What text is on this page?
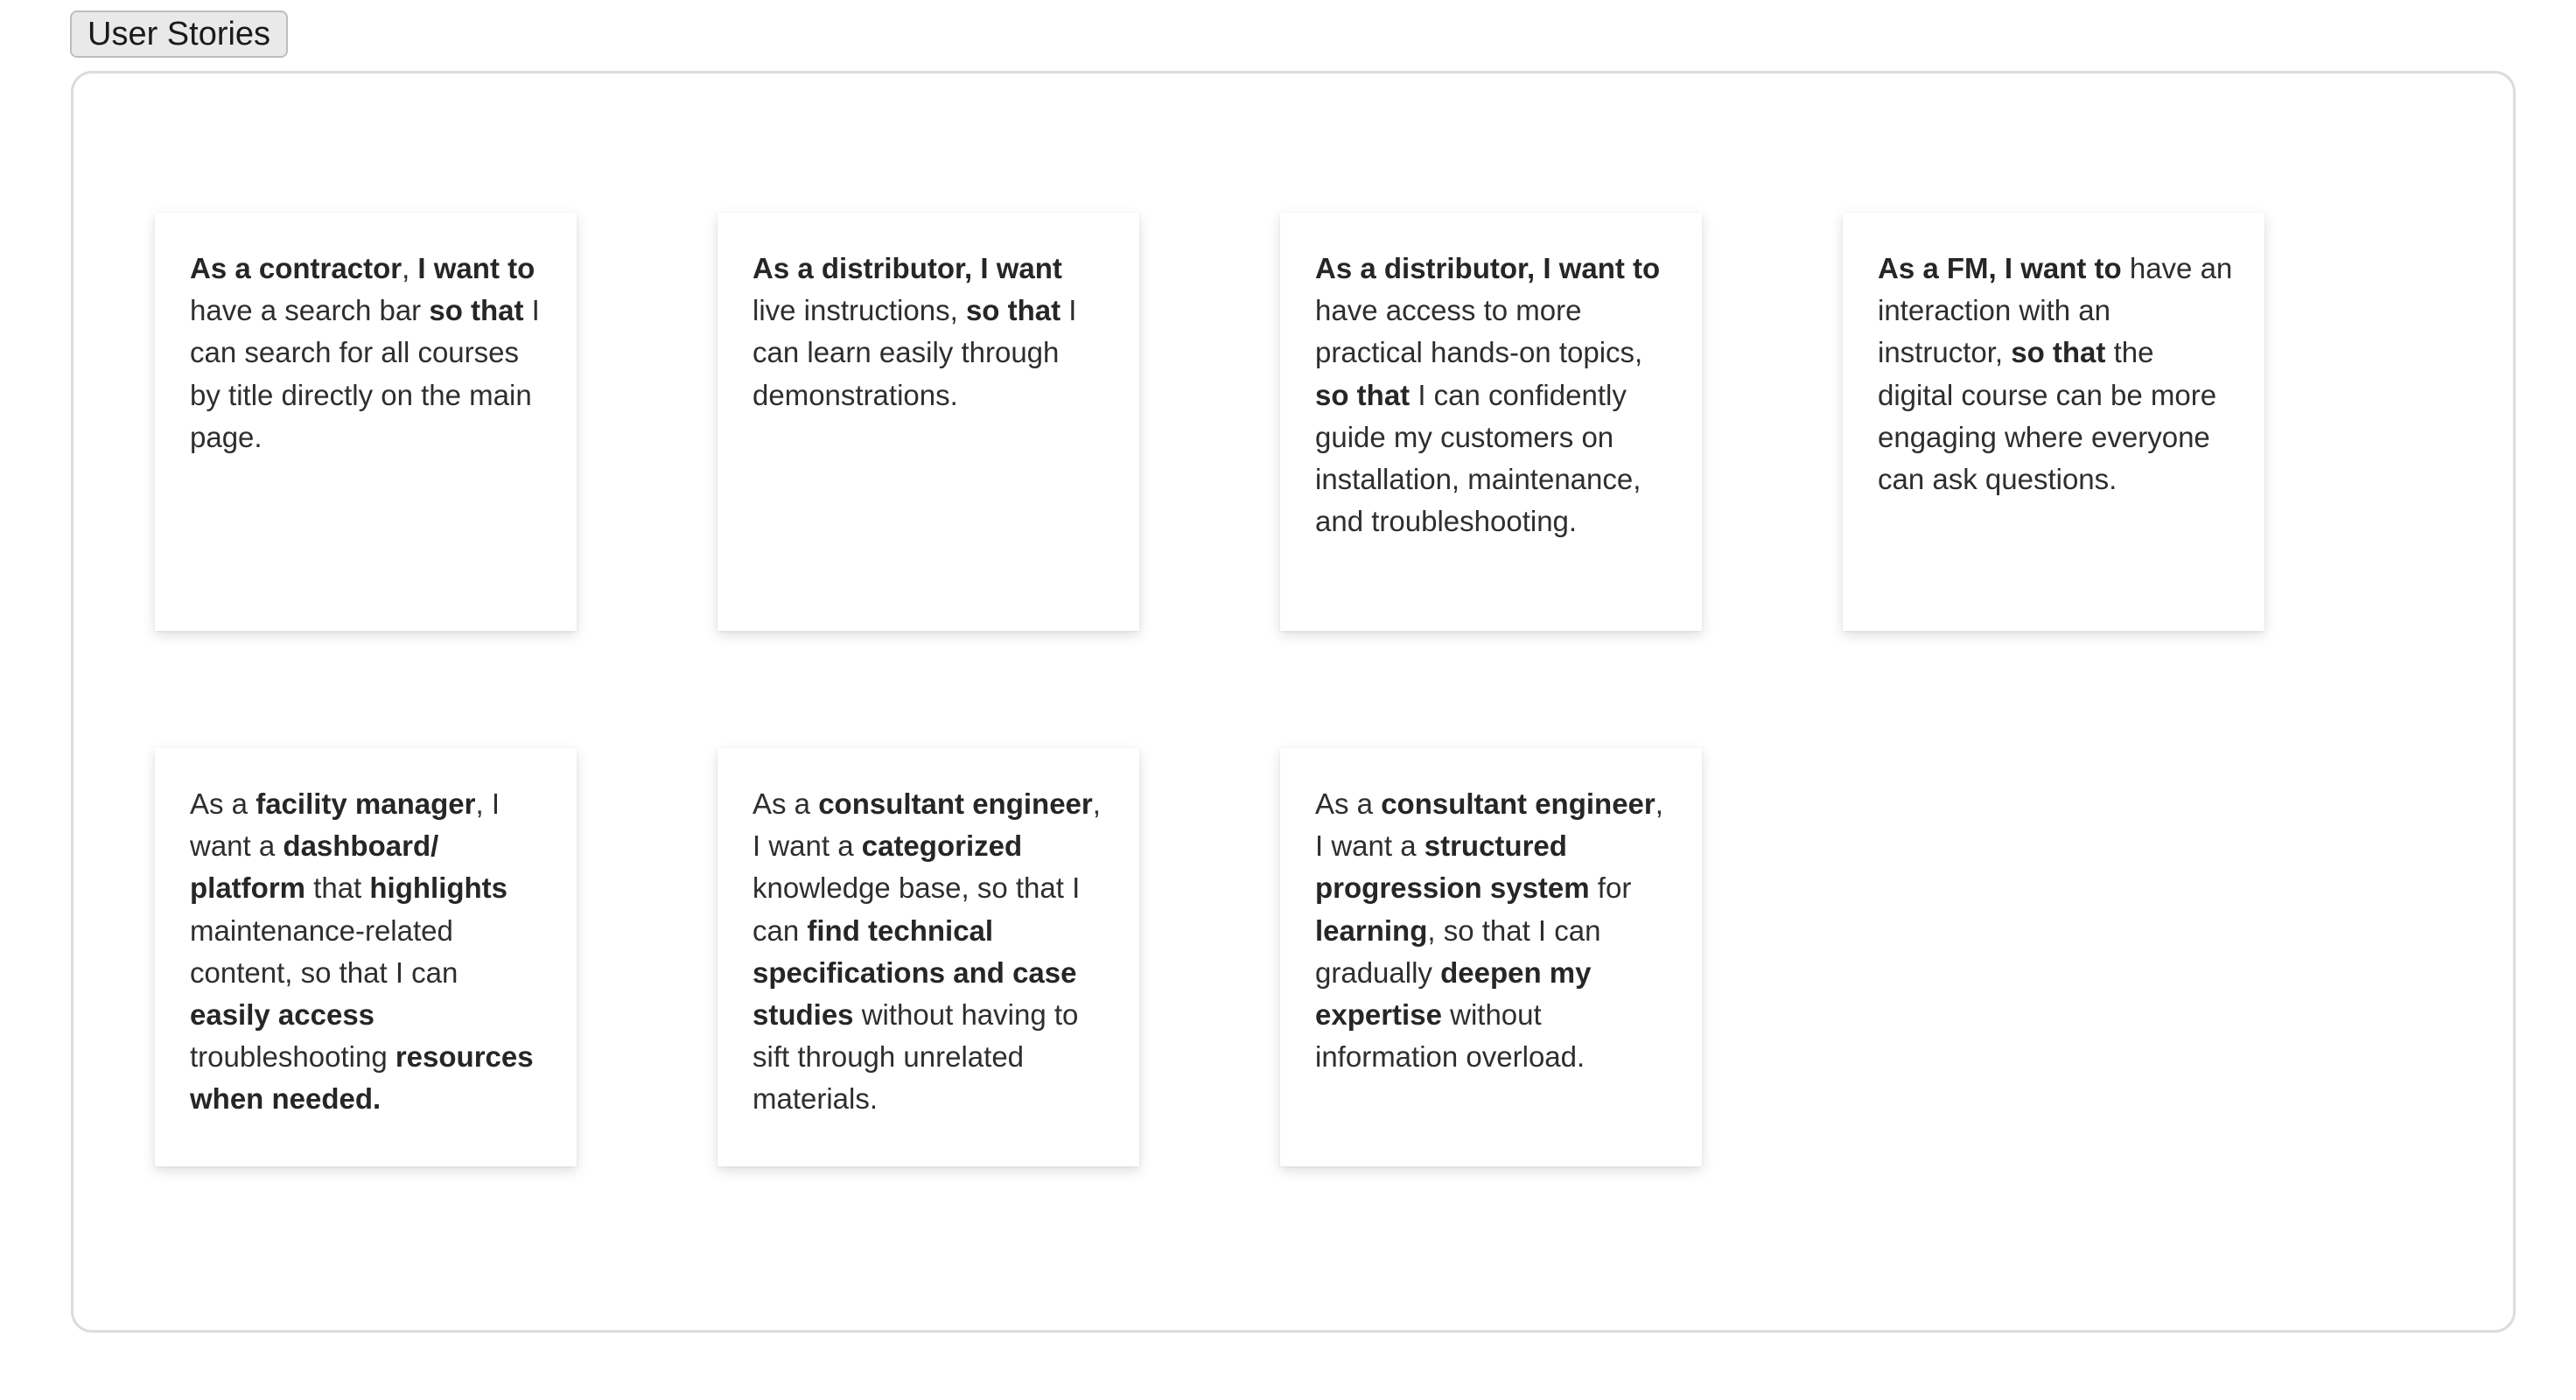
User Stories
As a contractor, I want to have a search bar so that I can search for all courses by title directly on the main page.
As a distributor, I want live instructions, so that I can learn easily through demonstrations.
As a distributor, I want to have access to more practical hands-on topics, so that I can confidently guide my customers on installation, maintenance, and troubleshooting.
As a FM, I want to have an interaction with an instructor, so that the digital course can be more engaging where everyone can ask questions.
As a facility manager, I want a dashboard/ platform that highlights maintenance-related content, so that I can easily access troubleshooting resources when needed.
As a consultant engineer, I want a categorized knowledge base, so that I can find technical specifications and case studies without having to sift through unrelated materials.
As a consultant engineer, I want a structured progression system for learning, so that I can gradually deepen my expertise without information overload.
